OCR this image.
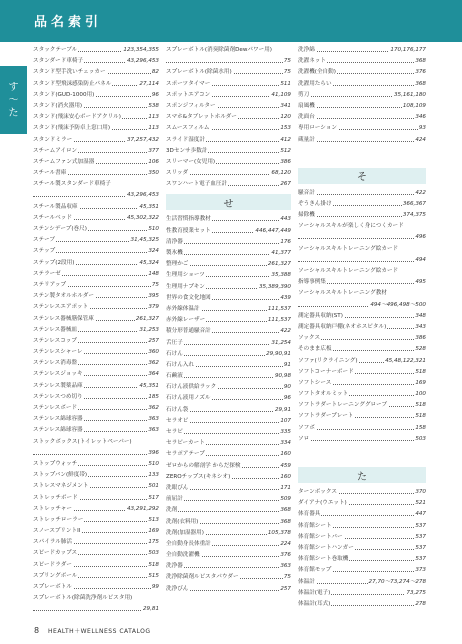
品名索引
す
〜
た
スタックテーブル	123,354,355
スタンダード車椅子	43,296,453
スタンド型手洗いチェッカー	82
スタンド型飛沫感染防止パネル	27,114
スタンド(GUD-1000用)	96
スタンド(消火器用)	538
スタンド(飛沫安心ボードアクリル)	113
スタンド(飛沫予防卓上窓口用)	113
スタンドミラー	37,257,432
スチームアイロン	377
スチームファン式加湿器	106
スチール書庫	350
スチール製スタンダード車椅子
43,296,453
スチール製品収庫	45,351
スチールベッド	45,302,322
ステンシデープ(巻尺)	510
ステーブ	31,45,325
ステップ	324
ステップ(2段用)	45,324
ステラーゼ	148
ステリアップ	75
ステン製タオルホルダー	395
ステンレスエアポット	379
ステンレス器械膳保管庫	261,327
ステンレス器械皿	31,253
ステンレスコップ	257
ステンレスシャーレ	360
ステンレス消毒盤	362
ステンレスジョッキ	364
ステンレス製薬品庫	45,351
ステンレスつめ切り	185
ステンレスボード	362
ステンレス綿球容器	363
ステンレス綿球容器	363
ストックボックス(トイレットペーパー)
396
ストップウォッチ	510
ストップバン(鮮度帯)	133
ストレスマネジメント	501
ストレッチボード	517
ストレッチャー	43,291,292
ストレッチローラー	513
スノースプリントII	169
スパイラル肺活	175
スピードカップス	503
スピードラダー	518
スプリングボール	515
スプレーボトル	99
スプレーボトル(除菌洗浄剤ルビスタ用)
29,81
スプレーボトル(消臭除菌剤Dewパワー用)
75
スプレーボトル(除菌水用)	75
スポーツタイマー	511
スポットエアコン	41,109
スポンジフィルター	341
スマホ&タブレットホルダー	120
スムースフィルム	153
スライド湿度計	412
3Dセンサ歩数計	512
スリーマー(女児用)	386
スリッダ	68,120
スワンハート電子血圧計	267
せ
生活習慣指導教材	443
性教育授業セット	446,447,449
清浄器	176
製氷機	41,377
整理かご	261,327
生理用ショーツ	35,388
生理用ナプキン	35,389,390
世界の食文化地図	439
赤外線体温計	111,537
赤外線レーザー	111,537
積分形普通騒音計	422
舌圧子	31,254
石けん	29,90,91
石けん入れ	91
石鹸液	90,98
石けん液供給ラック	90
石けん液用ノズル	96
石けん袋	29,91
セラオビ	107
セラピ	335
セラピーカート	334
セラポアテープ	160
ゼロからの解剖学 からだ探検	459
ZEROチップス(キネシオ)	160
洗眼びん	171
前屈計	509
洗剤	368
洗剤(衣料用)	368
洗剤(加湿器用)	105,378
全自動身長体重計	224
全自動洗濯機	376
洗浄器	363
洗浄除菌剤ルビスタパウダー	75
洗浄びん	257
洗浄綿	170,176,177
洗濯ネット	368
洗濯機(全自動)	376
洗濯用たらい	368
剪刀	35,161,180
扇風機	108,109
洗面台	346
専用ローション	93
蔵量計	424
そ
騒音計	422
ぞうきん掛け	366,367
掃除機	374,375
ソーシャルスキルが楽しく身につくカード
496
ソーシャルスキルトレーニング絵カード
494
ソーシャルスキルトレーニング絵カード
指導事例集	495
ソーシャルスキルトレーニング教材
494〜496,498〜500
測定器具収納(ST)	348
測定器具収納戸棚(ネオホスピタル)	343
ソックス	386
そのまま広板	528
ソファ(リクライニング)	45,48,122,321
ソフトコーナーボード	518
ソフトシース	169
ソフトタオルミット	100
ソフトラダートレーニンググローブ	518
ソフトラダープレート	518
ソフボ	158
ソロ	503
た
ターンボックス	370
ダイアナ(ウエット)	521
体育器具	447
体育館シート	537
体育館シートバー	537
体育館シートハンガー	537
体育館シート巻取機	537
体育館モップ	373
体温計	27,70〜73,274〜278
体温計(電子)	73,275
体温計(耳式)	278
8 HEALTH＋WELLNESS CATALOG
